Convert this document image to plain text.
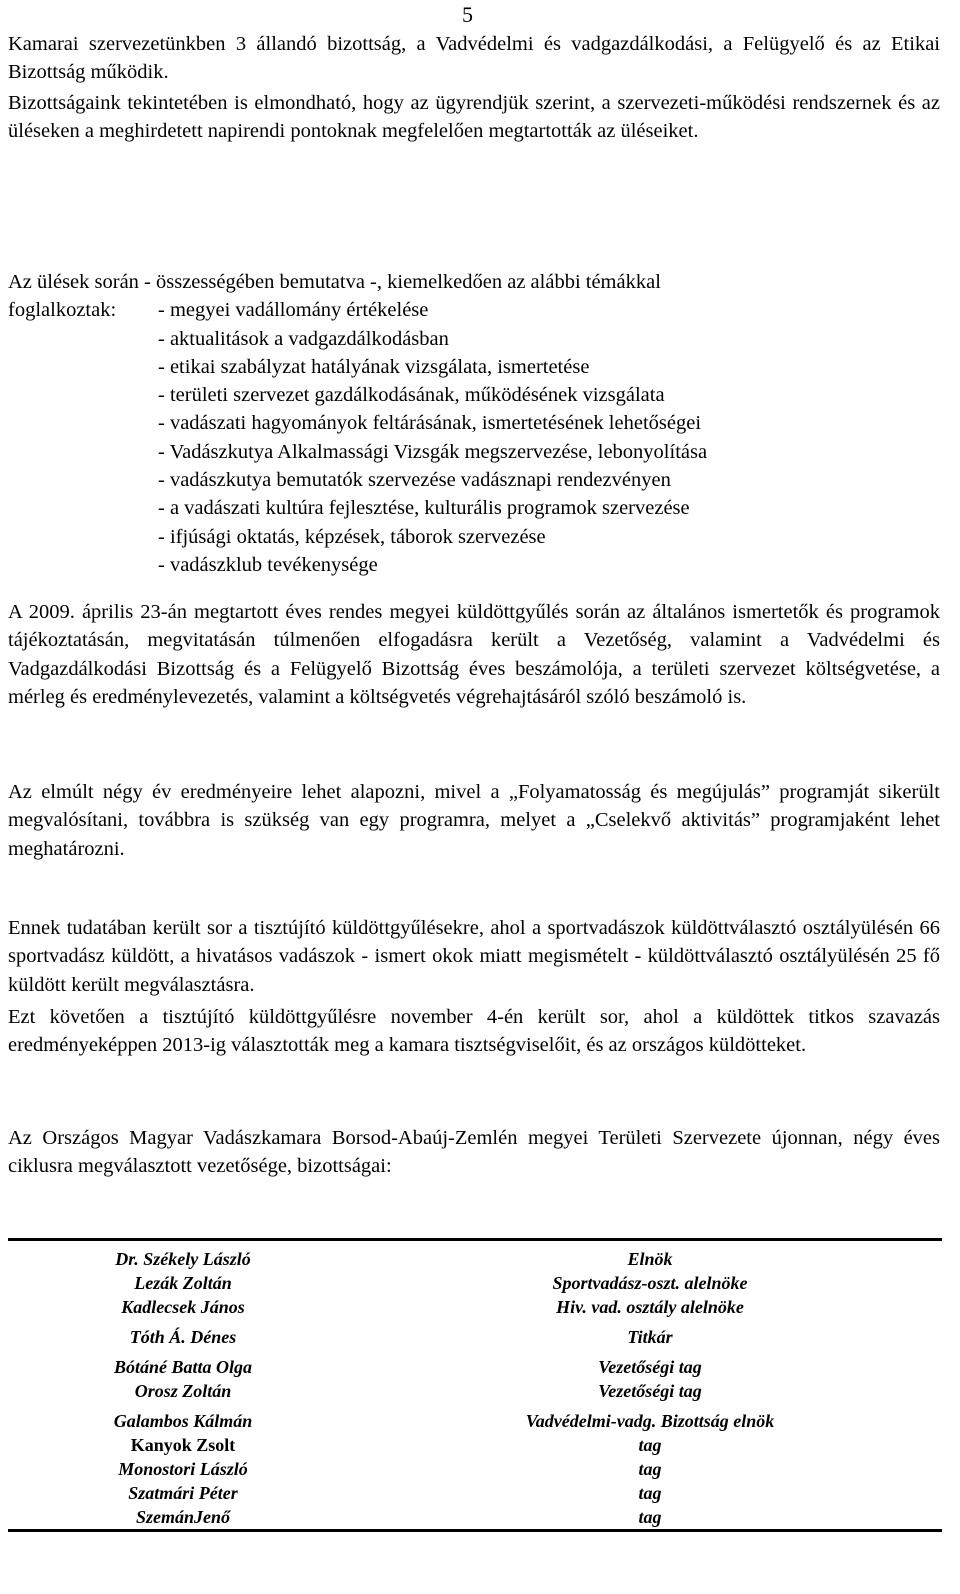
5
Kamarai szervezetünkben 3 állandó bizottság, a Vadvédelmi és vadgazdálkodási, a Felügyelő és az Etikai Bizottság működik.
Bizottságaink tekintetében is elmondható, hogy az ügyrendjük szerint, a szervezeti-működési rendszernek és az üléseken a meghirdetett napirendi pontoknak megfelelően megtartották az üléseiket.
Az ülések során - összességében bemutatva -, kiemelkedően az alábbi témákkal
foglalkoztak: - megyei vadállomány értékelése
- aktualitások a vadgazdálkodásban
- etikai szabályzat hatályának vizsgálata, ismertetése
- területi szervezet gazdálkodásának, működésének vizsgálata
- vadászati hagyományok feltárásának, ismertetésének lehetőségei
- Vadászkutya Alkalmassági Vizsgák megszervezése, lebonyolítása
- vadászkutya bemutatók szervezése vadásznapi rendezvényen
- a vadászati kultúra fejlesztése, kulturális programok szervezése
- ifjúsági oktatás, képzések, táborok szervezése
- vadászklub tevékenysége
A 2009. április 23-án megtartott éves rendes megyei küldöttgyűlés során az általános ismertetők és programok tájékoztatásán, megvitatásán túlmenően elfogadásra került a Vezetőség, valamint a Vadvédelmi és Vadgazdálkodási Bizottság és a Felügyelő Bizottság éves beszámolója, a területi szervezet költségvetése, a mérleg és eredménylevezetés, valamint a költségvetés végrehajtásáról szóló beszámoló is.
Az elmúlt négy év eredményeire lehet alapozni, mivel a „Folyamatosság és megújulás” programját sikerült megvalósítani, továbbra is szükség van egy programra, melyet a „Cselekvő aktivitás” programjaként lehet meghatározni.
Ennek tudatában került sor a tisztújító küldöttgyűlésekre, ahol a sportvadászok küldöttválasztó osztályülésén 66 sportvadász küldött, a hivatásos vadászok - ismert okok miatt megismételt - küldöttválasztó osztályülésén 25 fő küldött került megválasztásra.
Ezt követően a tisztújító küldöttgyűlésre november 4-én került sor, ahol a küldöttek titkos szavazás eredményeképpen 2013-ig választották meg a kamara tisztségviselőit, és az országos küldötteket.
Az Országos Magyar Vadászkamara Borsod-Abaúj-Zemlén megyei Területi Szervezete újonnan, négy éves ciklusra megválasztott vezetősége, bizottságai:

Dr. Székely László	Elnök
Lezák Zoltán	Sportvadász-oszt. alelnöke
Kadlecsek János	Hiv. vad. osztály alelnöke

Tóth Á. Dénes	Titkár

Bótáné Batta Olga	Vezetőségi tag
Orosz Zoltán	Vezetőségi tag

Galambos Kálmán	Vadvédelmi-vadg. Bizottság elnök
Kanyok Zsolt	tag
Monostori László	tag
Szatmári Péter	tag
SzemánJenő	tag
